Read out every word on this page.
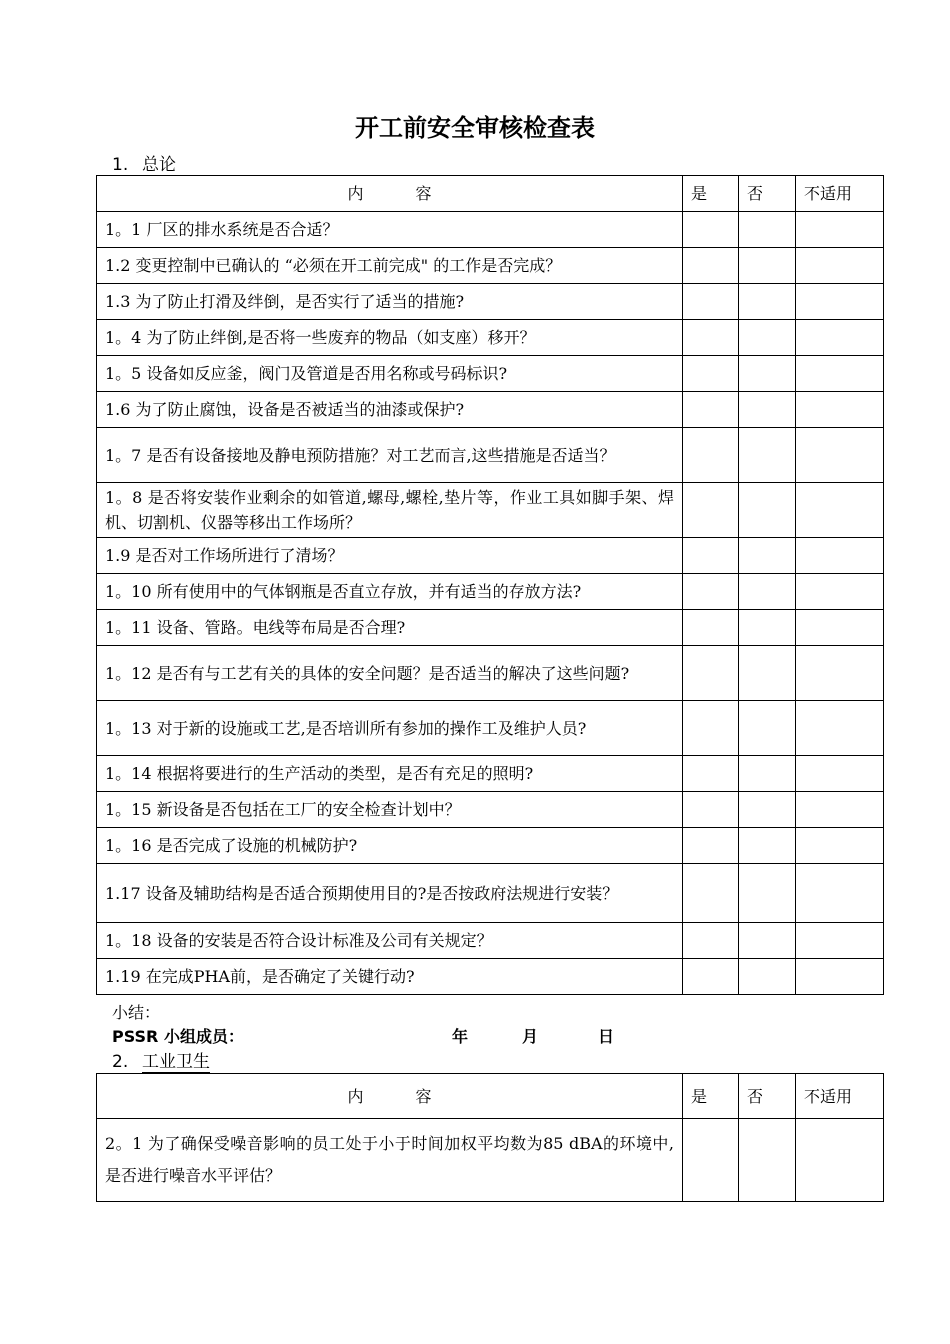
开工前安全审核检查表
1. 总论
内 容	是	否	不适用
1。1 厂区的排水系统是否合适？			
1.2 变更控制中已确认的 “必须在开工前完成" 的工作是否完成？			
1.3 为了防止打滑及绊倒，是否实行了适当的措施?			
1。4 为了防止绊倒,是否将一些废弃的物品（如支座）移开？			
1。5 设备如反应釜，阀门及管道是否用名称或号码标识?			
1.6 为了防止腐蚀，设备是否被适当的油漆或保护?			
1。7 是否有设备接地及静电预防措施？对工艺而言,这些措施是否适当？			
1。8 是否将安装作业剩余的如管道,螺母,螺栓,垫片等，作业工具如脚手架、焊机、切割机、仪器等移出工作场所？			
1.9 是否对工作场所进行了清场？			
1。10 所有使用中的气体钢瓶是否直立存放，并有适当的存放方法?			
1。11 设备、管路。电线等布局是否合理?			
1。12 是否有与工艺有关的具体的安全问题？是否适当的解决了这些问题?			
1。13 对于新的设施或工艺,是否培训所有参加的操作工及维护人员?			
1。14 根据将要进行的生产活动的类型，是否有充足的照明?			
1。15 新设备是否包括在工厂的安全检查计划中？			
1。16 是否完成了设施的机械防护?			
1.17 设备及辅助结构是否适合预期使用目的?是否按政府法规进行安装？			
1。18 设备的安装是否符合设计标准及公司有关规定？			
1.19 在完成PHA前，是否确定了关键行动?			
小结：
PSSR 小组成员：	年	月	日
2. 工业卫生
内 容	是	否	不适用
2。1 为了确保受噪音影响的员工处于小于时间加权平均数为85 dBA的环境中,是否进行噪音水平评估？			
